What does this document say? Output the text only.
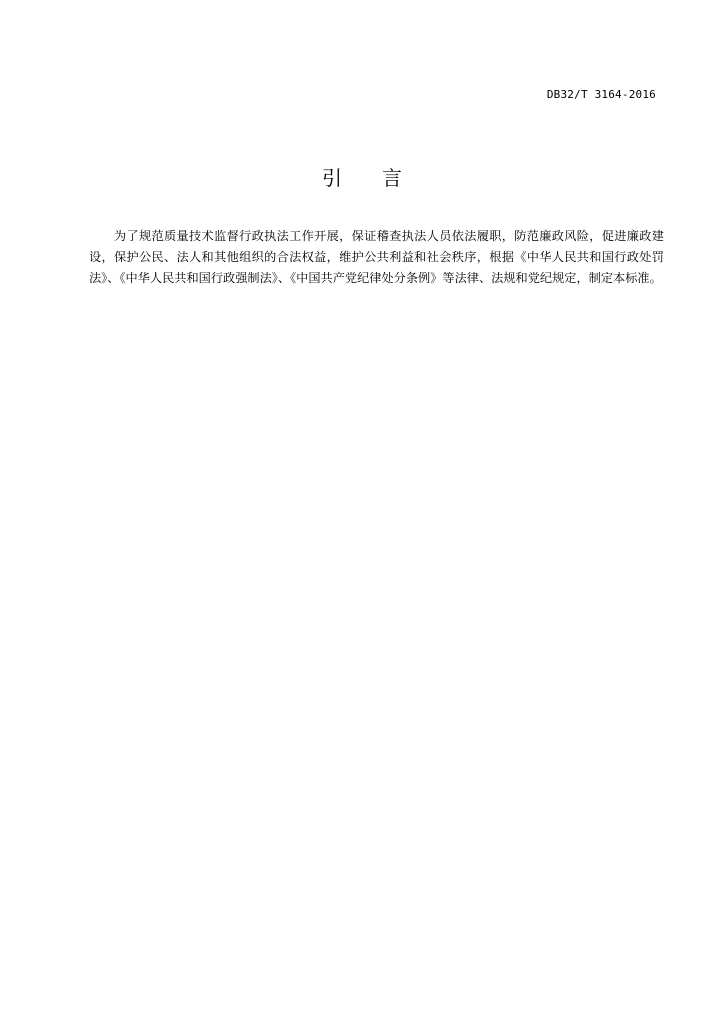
DB32/T 3164-2016
引　　言

为了规范质量技术监督行政执法工作开展，保证稽查执法人员依法履职，防范廉政风险，促进廉政建设，保护公民、法人和其他组织的合法权益，维护公共利益和社会秩序，根据《中华人民共和国行政处罚法》、《中华人民共和国行政强制法》、《中国共产党纪律处分条例》等法律、法规和党纪规定，制定本标准。
